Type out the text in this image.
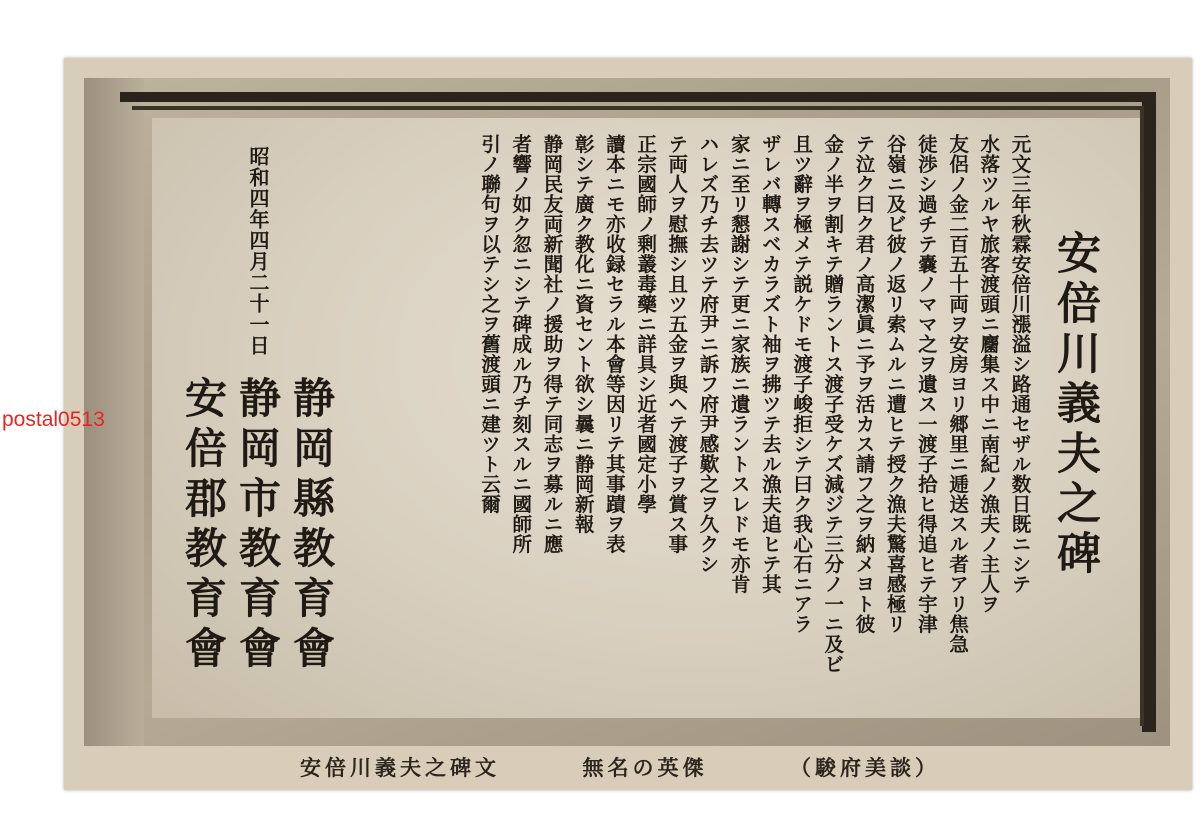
安倍川義夫之碑
元文三年秋霖安倍川漲溢シ路通セザル数日既ニシテ
水落ツルヤ旅客渡頭ニ麕集ス中ニ南紀ノ漁夫ノ主人ヲ
友侶ノ金二百五十両ヲ安房ヨリ郷里ニ逓送スル者アリ焦急
徒渉シ過チテ嚢ノママ之ヲ遺ス一渡子拾ヒ得追ヒテ宇津
谷嶺ニ及ビ彼ノ返リ索ムルニ遭ヒテ授ク漁夫驚喜感極リ
テ泣ク曰ク君ノ高潔眞ニ予ヲ活カス請フ之ヲ納メヨト彼
金ノ半ヲ割キテ贈ラントス渡子受ケズ減ジテ三分ノ一ニ及ビ
且ツ辭ヲ極メテ説ケドモ渡子峻拒シテ曰ク我心石ニアラ
ザレバ轉スベカラズト袖ヲ拂ツテ去ル漁夫追ヒテ其
家ニ至リ懇謝シテ更ニ家族ニ遺ラントスレドモ亦肯
ハレズ乃チ去ツテ府尹ニ訴フ府尹感歎之ヲ久クシ
テ両人ヲ慰撫シ且ツ五金ヲ與ヘテ渡子ヲ賞ス事
正宗國師ノ剰叢毒藥ニ詳具シ近者國定小學
讀本ニモ亦收録セラル本會等因リテ其事蹟ヲ表
彰シテ廣ク教化ニ資セント欲シ曩ニ静岡新報
静岡民友両新聞社ノ援助ヲ得テ同志ヲ募ルニ應
者響ノ如ク忽ニシテ碑成ル乃チ刻スルニ國師所
引ノ聯句ヲ以テシ之ヲ舊渡頭ニ建ツト云爾
昭和四年四月二十一日
静岡縣教育會
静岡市教育會
安倍郡教育會
安倍川義夫之碑文	無名の英傑	（駿府美談）
postal0513
